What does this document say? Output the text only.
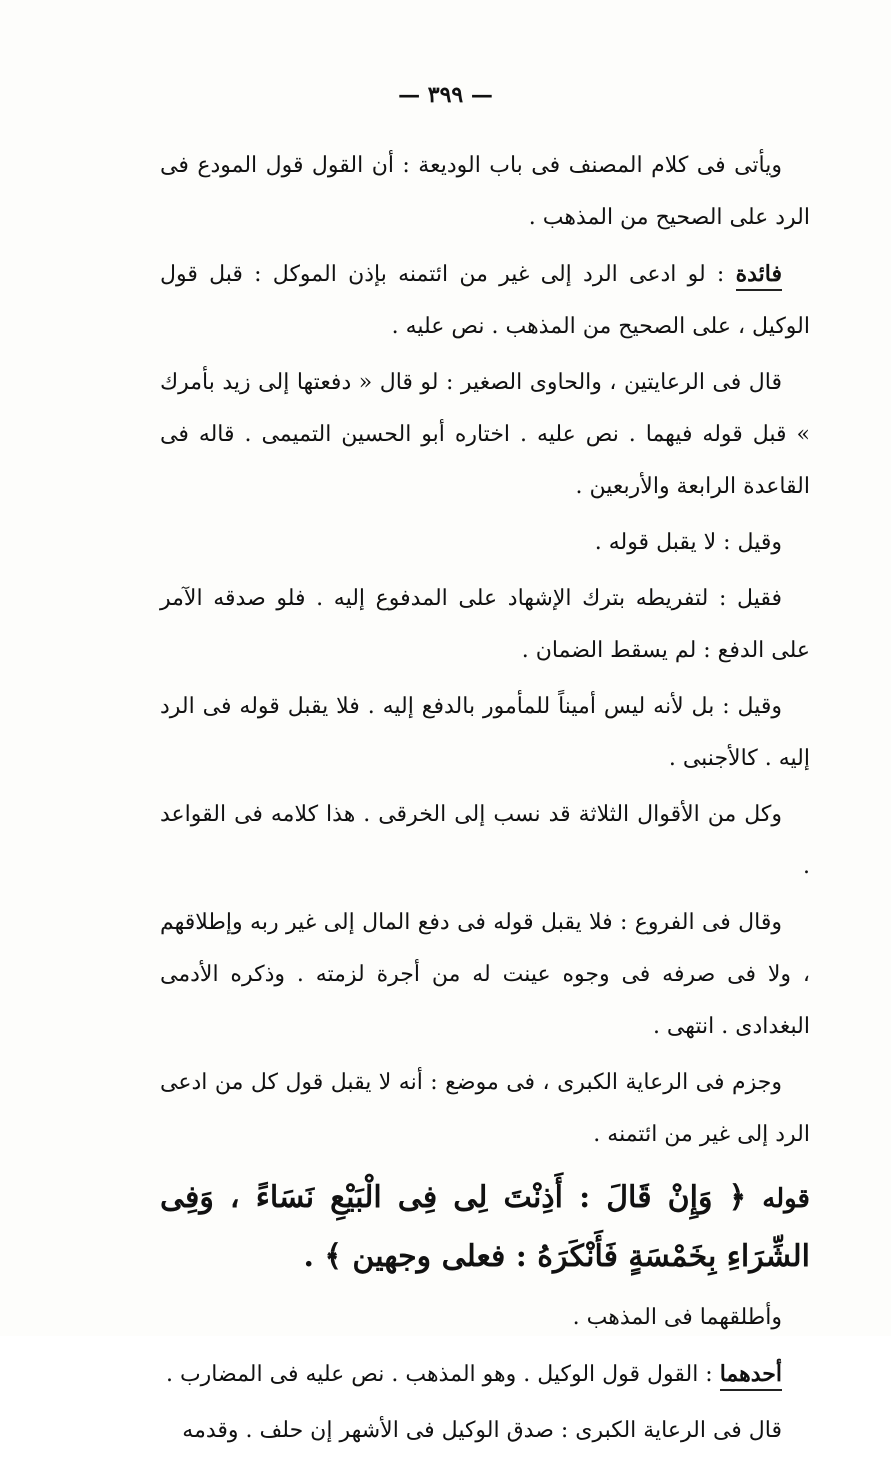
— ٣٩٩ —

ويأتى فى كلام المصنف فى باب الوديعة : أن القول قول المودع فى الرد على الصحيح من المذهب .

فائدة : لو ادعى الرد إلى غير من ائتمنه بإذن الموكل : قبل قول الوكيل ، على الصحيح من المذهب . نص عليه .

قال فى الرعايتين ، والحاوى الصغير : لو قال « دفعتها إلى زيد بأمرك » قبل قوله فيهما . نص عليه . اختاره أبو الحسين التميمى . قاله فى القاعدة الرابعة والأربعين .

وقيل : لا يقبل قوله .

فقيل : لتفريطه بترك الإشهاد على المدفوع إليه . فلو صدقه الآمر على الدفع : لم يسقط الضمان .

وقيل : بل لأنه ليس أميناً للمأمور بالدفع إليه . فلا يقبل قوله فى الرد إليه . كالأجنبى .

وكل من الأقوال الثلاثة قد نسب إلى الخرقى . هذا كلامه فى القواعد .

وقال فى الفروع : فلا يقبل قوله فى دفع المال إلى غير ربه وإطلاقهم ، ولا فى صرفه فى وجوه عينت له من أجرة لزمته . وذكره الأدمى البغدادى . انتهى .

وجزم فى الرعاية الكبرى ، فى موضع : أنه لا يقبل قول كل من ادعى الرد إلى غير من ائتمنه .

قوله ﴿ وَإِنْ قَالَ : أَذِنْتَ لِى فِى الْبَيْعِ نَسَاءً ، وَفِى الشِّرَاءِ بِخَمْسَةٍ فَأَنْكَرَهُ : فعلى وجهين ﴾ .

وأطلقهما فى المذهب .

أحدهما : القول قول الوكيل . وهو المذهب . نص عليه فى المضارب .

قال فى الرعاية الكبرى : صدق الوكيل فى الأشهر إن حلف . وقدمه
